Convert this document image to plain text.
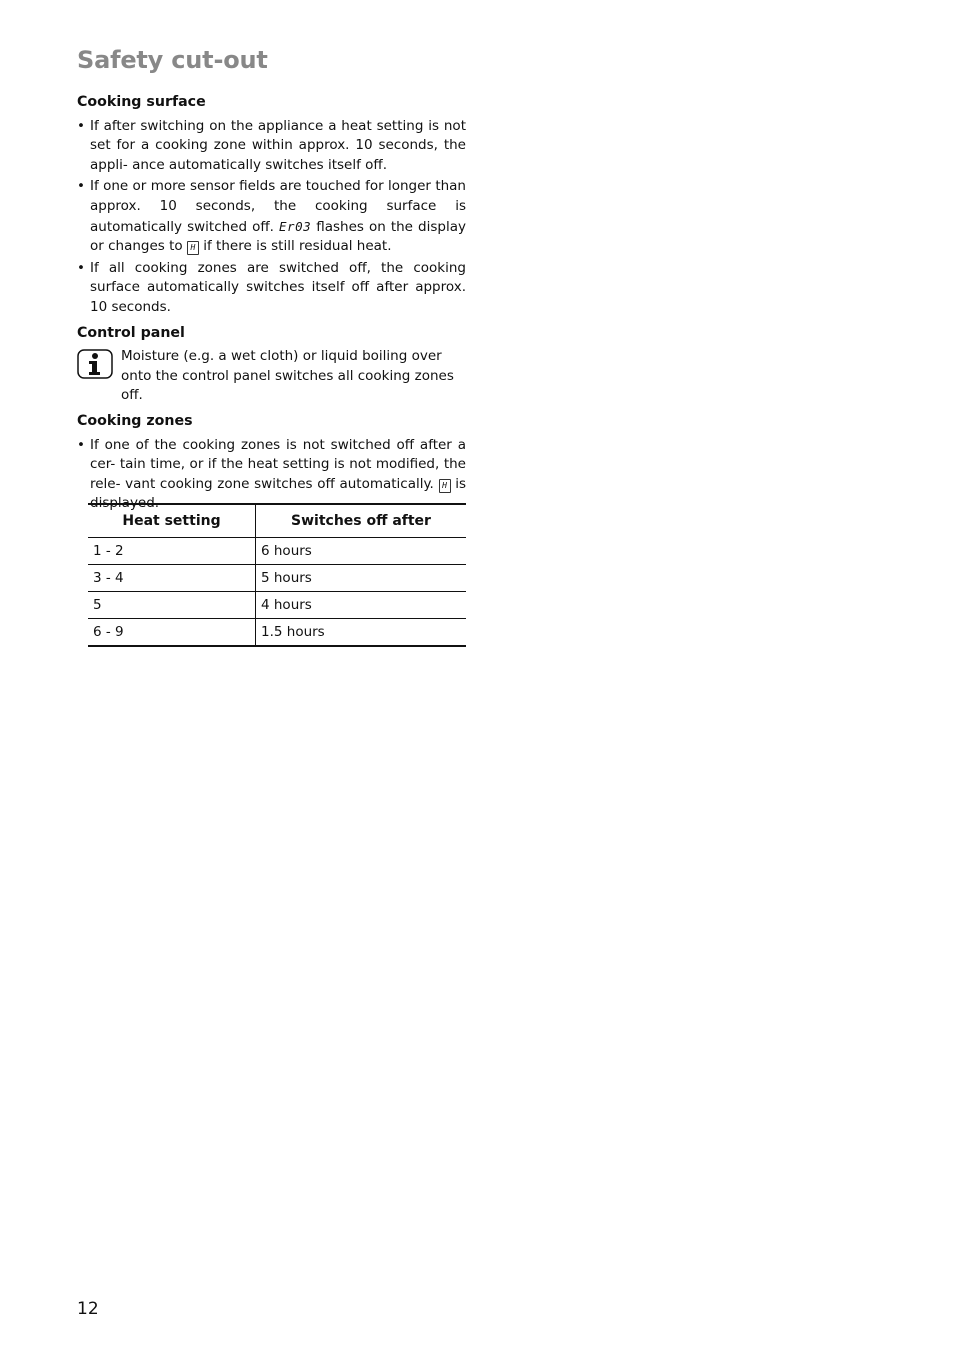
Safety cut-out
Cooking surface
• If after switching on the appliance a heat setting is not set for a cooking zone within approx. 10 seconds, the appli- ance automatically switches itself off.
• If one or more sensor fields are touched for longer than approx. 10 seconds, the cooking surface is automatically switched off. Er03 flashes on the display or changes to H if there is still residual heat.
• If all cooking zones are switched off, the cooking surface automatically switches itself off after approx. 10 seconds.
Control panel
Moisture (e.g. a wet cloth) or liquid boiling over onto the control panel switches all cooking zones off.
Cooking zones
• If one of the cooking zones is not switched off after a cer- tain time, or if the heat setting is not modified, the rele- vant cooking zone switches off automatically. H is displayed.
Heat setting	Switches off after
1 - 2	6 hours
3 - 4	5 hours
5	4 hours
6 - 9	1.5 hours
12
